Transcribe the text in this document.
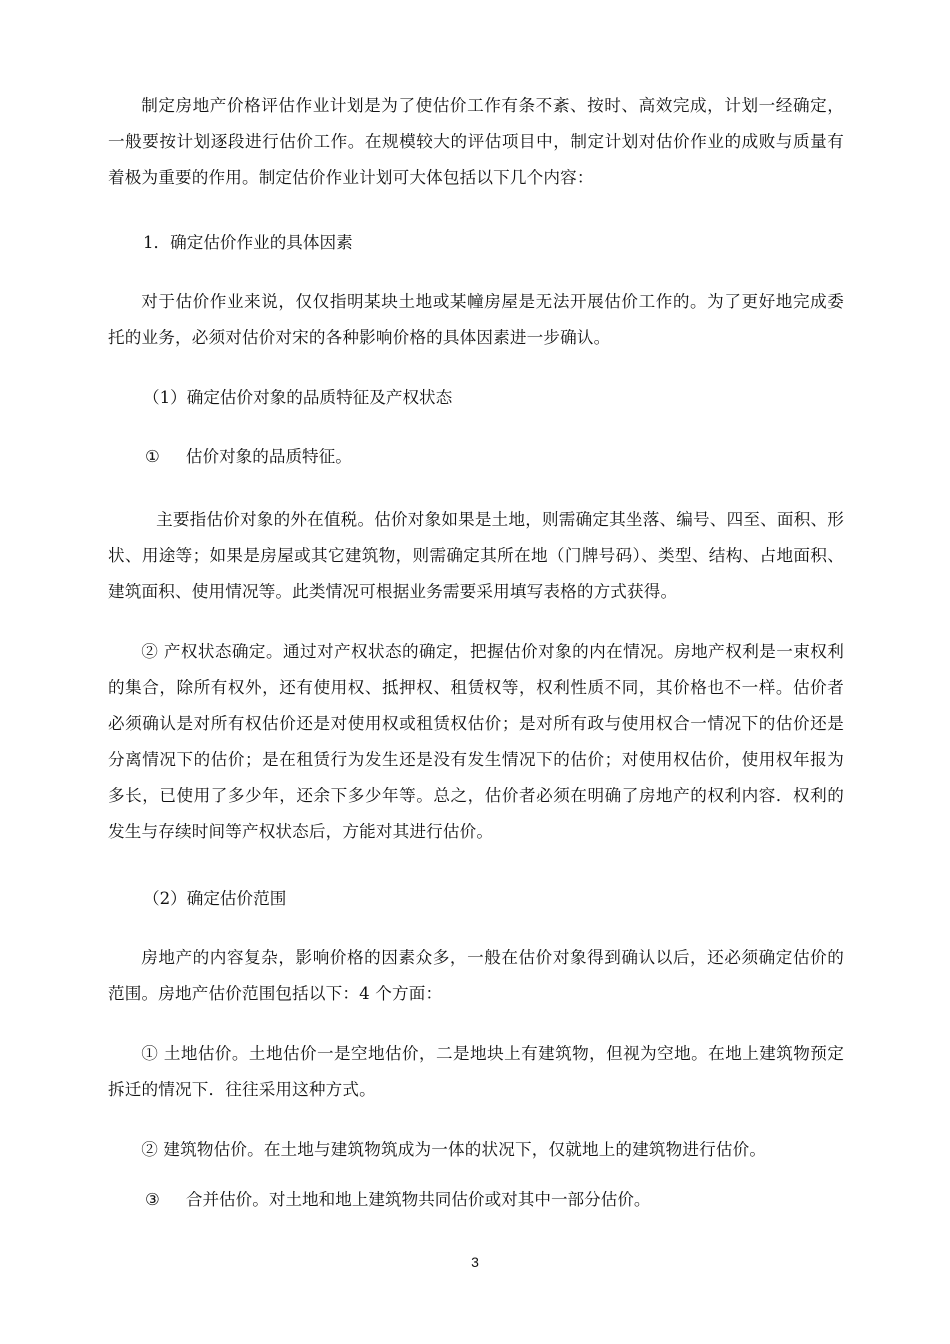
制定房地产价格评估作业计划是为了使估价工作有条不紊、按时、高效完成，计划一经确定，一般要按计划逐段进行估价工作。在规模较大的评估项目中，制定计划对估价作业的成败与质量有着极为重要的作用。制定估价作业计划可大体包括以下几个内容：

1．确定估价作业的具体因素

对于估价作业来说，仅仅指明某块土地或某幢房屋是无法开展估价工作的。为了更好地完成委托的业务，必须对估价对宋的各种影响价格的具体因素进一步确认。

（1）确定估价对象的品质特征及产权状态

① 估价对象的品质特征。

主要指估价对象的外在值税。估价对象如果是土地，则需确定其坐落、编号、四至、面积、形状、用途等；如果是房屋或其它建筑物，则需确定其所在地（门牌号码）、类型、结构、占地面积、建筑面积、使用情况等。此类情况可根据业务需要采用填写表格的方式获得。

② 产权状态确定。通过对产权状态的确定，把握估价对象的内在情况。房地产权利是一束权利的集合，除所有权外，还有使用权、抵押权、租赁权等，权利性质不同，其价格也不一样。估价者必须确认是对所有权估价还是对使用权或租赁权估价；是对所有政与使用权合一情况下的估价还是分离情况下的估价；是在租赁行为发生还是没有发生情况下的估价；对使用权估价，使用权年报为多长，已使用了多少年，还余下多少年等。总之，估价者必须在明确了房地产的权利内容．权利的发生与存续时间等产权状态后，方能对其进行估价。

（2）确定估价范围

房地产的内容复杂，影响价格的因素众多，一般在估价对象得到确认以后，还必须确定估价的范围。房地产估价范围包括以下：4 个方面：

① 土地估价。土地估价一是空地估价，二是地块上有建筑物，但视为空地。在地上建筑物预定拆迁的情况下．往往采用这种方式。

② 建筑物估价。在土地与建筑物筑成为一体的状况下，仅就地上的建筑物进行估价。

③ 合并估价。对土地和地上建筑物共同估价或对其中一部分估价。

3
